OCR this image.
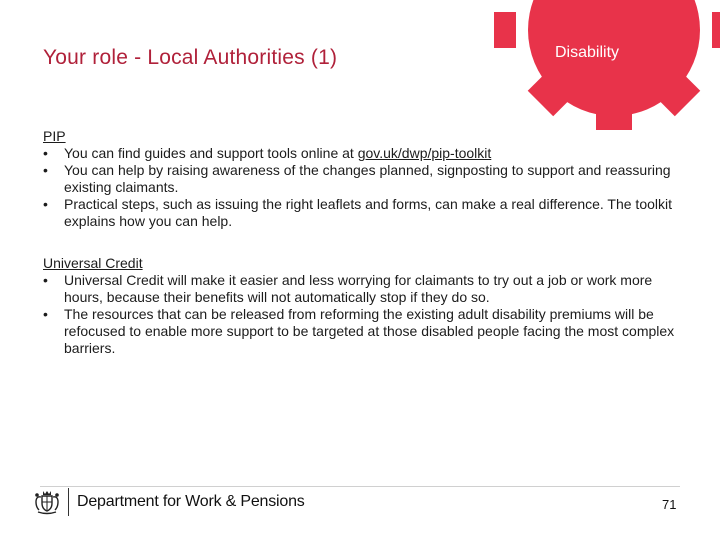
Your role - Local Authorities (1)	Disability
PIP
• You can find guides and support tools online at gov.uk/dwp/pip-toolkit
• You can help by raising awareness of the changes planned, signposting to support and reassuring existing claimants.
• Practical steps, such as issuing the right leaflets and forms, can make a real difference. The toolkit explains how you can help.
Universal Credit
• Universal Credit will make it easier and less worrying for claimants to try out a job or work more hours, because their benefits will not automatically stop if they do so.
• The resources that can be released from reforming the existing adult disability premiums will be refocused to enable more support to be targeted at those disabled people facing the most complex barriers.
Department for Work & Pensions	71
